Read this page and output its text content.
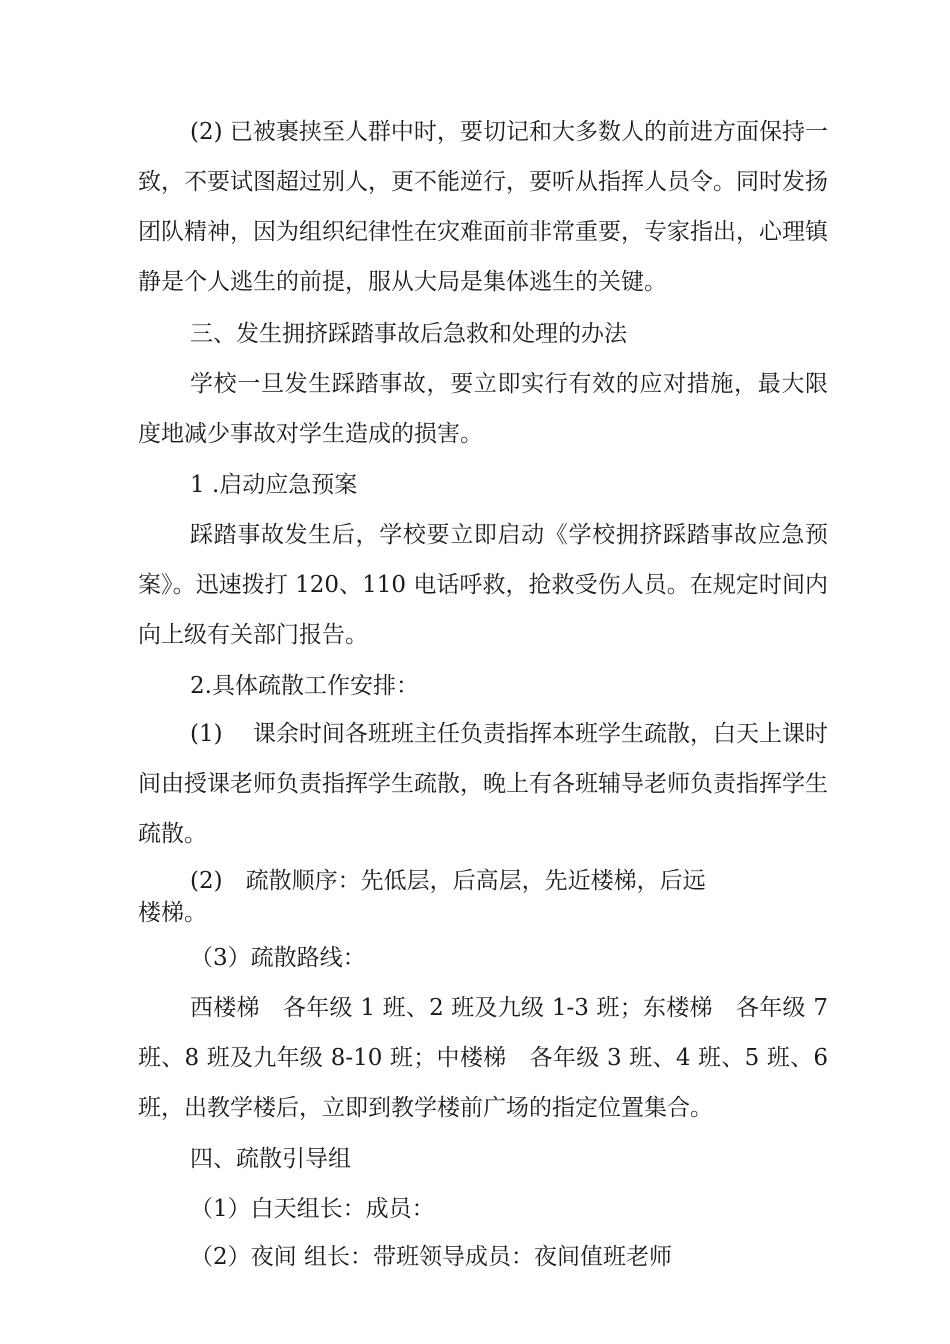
(2) 已被裹挟至人群中时，要切记和大多数人的前进方面保持一致，不要试图超过别人，更不能逆行，要听从指挥人员令。同时发扬团队精神，因为组织纪律性在灾难面前非常重要，专家指出，心理镇静是个人逃生的前提，服从大局是集体逃生的关键。

三、发生拥挤踩踏事故后急救和处理的办法

学校一旦发生踩踏事故，要立即实行有效的应对措施，最大限度地减少事故对学生造成的损害。

1 .启动应急预案

踩踏事故发生后，学校要立即启动《学校拥挤踩踏事故应急预案》。迅速拨打 120、110 电话呼救，抢救受伤人员。在规定时间内向上级有关部门报告。

2.具体疏散工作安排：

(1)　 课余时间各班班主任负责指挥本班学生疏散，白天上课时间由授课老师负责指挥学生疏散，晚上有各班辅导老师负责指挥学生疏散。

(2)　疏散顺序：先低层，后高层，先近楼梯，后远

楼梯。

（3）疏散路线：

西楼梯　各年级 1 班、2 班及九级 1-3 班；东楼梯　各年级 7 班、8 班及九年级 8-10 班；中楼梯　各年级 3 班、4 班、5 班、6 班，出教学楼后，立即到教学楼前广场的指定位置集合。

四、疏散引导组

（1）白天组长：成员：

（2）夜间 组长：带班领导成员：夜间值班老师
